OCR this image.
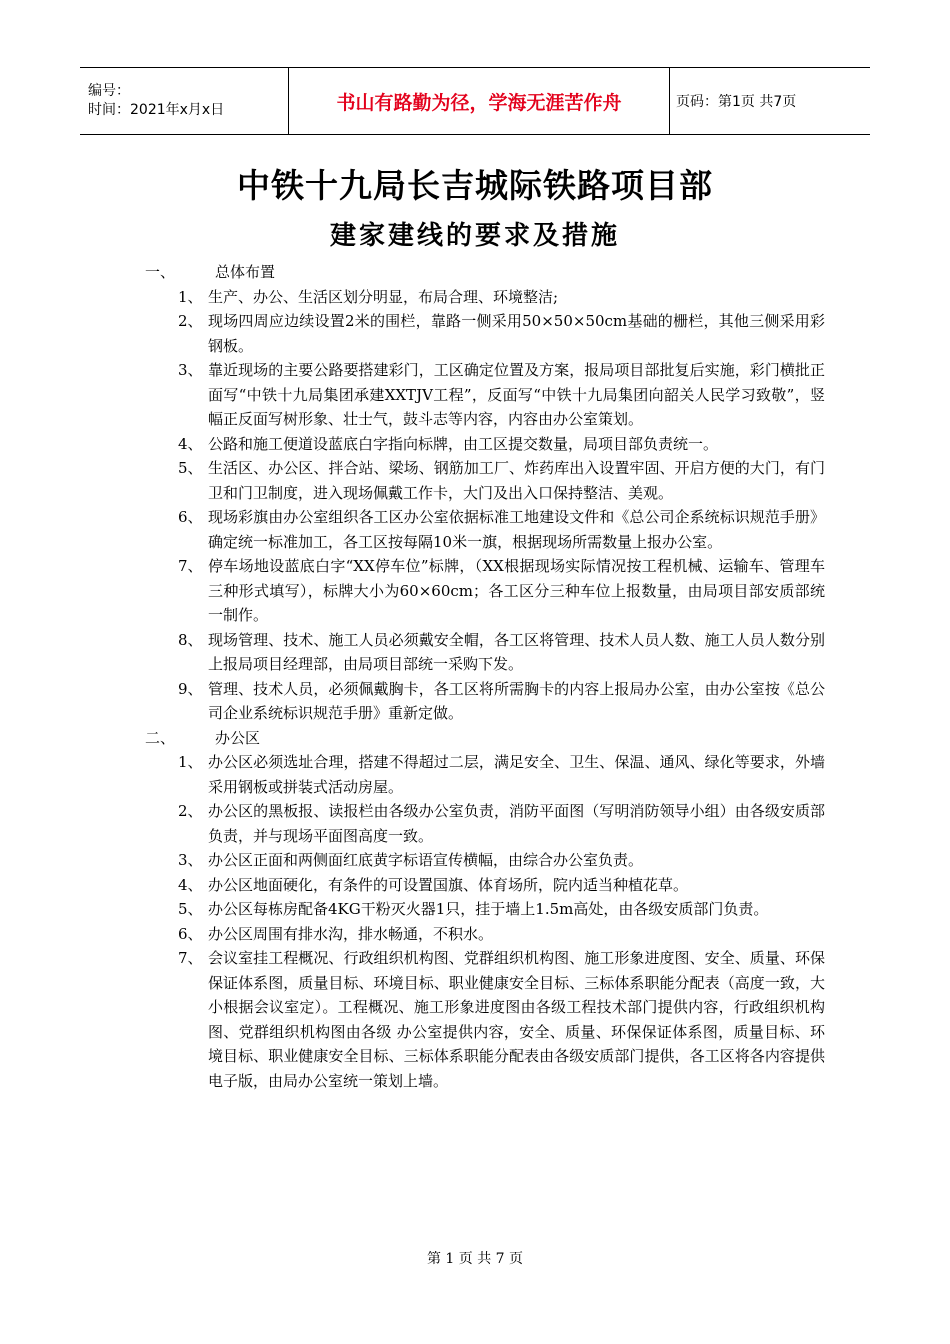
编号：
时间：2021年x月x日	书山有路勤为径，学海无涯苦作舟	页码：第1页 共7页
中铁十九局长吉城际铁路项目部
建家建线的要求及措施
一、	总体布置
1、 生产、办公、生活区划分明显，布局合理、环境整洁;
2、 现场四周应边续设置2米的围栏，靠路一侧采用50×50×50cm基础的栅栏，其他三侧采用彩钢板。
3、 靠近现场的主要公路要搭建彩门，工区确定位置及方案，报局项目部批复后实施，彩门横批正面写“中铁十九局集团承建XXTJV工程”，反面写“中铁十九局集团向韶关人民学习致敬”，竖幅正反面写树形象、壮士气，鼓斗志等内容，内容由办公室策划。
4、 公路和施工便道设蓝底白字指向标牌，由工区提交数量，局项目部负责统一。
5、 生活区、办公区、拌合站、梁场、钢筋加工厂、炸药库出入设置牢固、开启方便的大门，有门卫和门卫制度，进入现场佩戴工作卡，大门及出入口保持整洁、美观。
6、 现场彩旗由办公室组织各工区办公室依据标准工地建设文件和《总公司企系统标识规范手册》确定统一标准加工，各工区按每隔10米一旗，根据现场所需数量上报办公室。
7、 停车场地设蓝底白字“XX停车位”标牌，（XX根据现场实际情况按工程机械、运输车、管理车三种形式填写），标牌大小为60×60cm；各工区分三种车位上报数量，由局项目部安质部统一制作。
8、 现场管理、技术、施工人员必须戴安全帽，各工区将管理、技术人员人数、施工人员人数分别上报局项目经理部，由局项目部统一采购下发。
9、 管理、技术人员，必须佩戴胸卡，各工区将所需胸卡的内容上报局办公室，由办公室按《总公司企业系统标识规范手册》重新定做。
二、	办公区
1、 办公区必须选址合理，搭建不得超过二层，满足安全、卫生、保温、通风、绿化等要求，外墙采用钢板或拼装式活动房屋。
2、 办公区的黑板报、读报栏由各级办公室负责，消防平面图（写明消防领导小组）由各级安质部负责，并与现场平面图高度一致。
3、 办公区正面和两侧面红底黄字标语宣传横幅，由综合办公室负责。
4、 办公区地面硬化，有条件的可设置国旗、体育场所，院内适当种植花草。
5、 办公区每栋房配备4KG干粉灭火器1只，挂于墙上1.5m高处，由各级安质部门负责。
6、 办公区周围有排水沟，排水畅通，不积水。
7、 会议室挂工程概况、行政组织机构图、党群组织机构图、施工形象进度图、安全、质量、环保保证体系图，质量目标、环境目标、职业健康安全目标、三标体系职能分配表（高度一致，大小根据会议室定）。工程概况、施工形象进度图由各级工程技术部门提供内容，行政组织机构图、党群组织机构图由各级 办公室提供内容，安全、质量、环保保证体系图，质量目标、环境目标、职业健康安全目标、三标体系职能分配表由各级安质部门提供，各工区将各内容提供电子版，由局办公室统一策划上墙。
第 1 页 共 7 页
